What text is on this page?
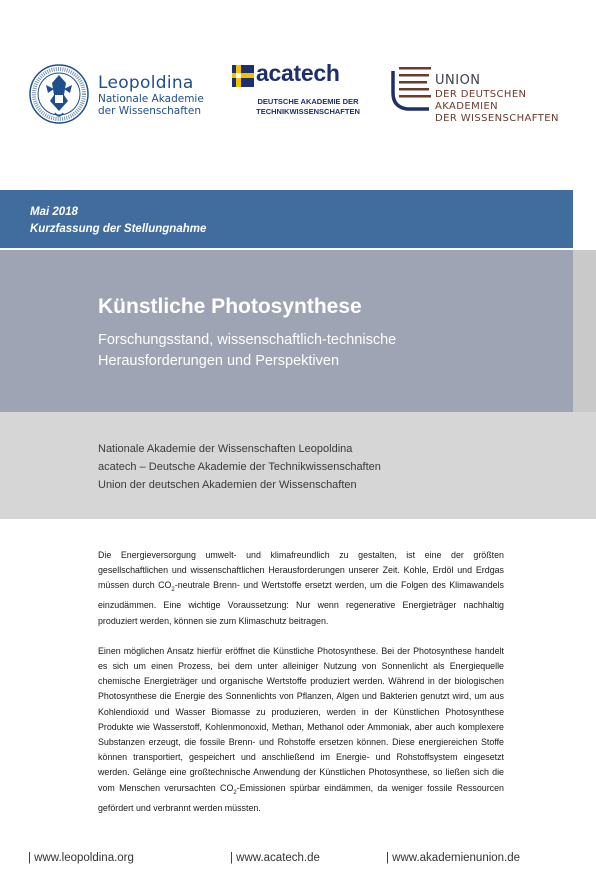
Leopoldina
Nationale Akademie
der Wissenschaften
acatech
DEUTSCHE AKADEMIE DER
TECHNIKWISSENSCHAFTEN
UNION
DER DEUTSCHEN AKADEMIEN
DER WISSENSCHAFTEN
Mai 2018
Kurzfassung der Stellungnahme
Künstliche Photosynthese
Forschungsstand, wissenschaftlich-technische
Herausforderungen und Perspektiven
Nationale Akademie der Wissenschaften Leopoldina
acatech – Deutsche Akademie der Technikwissenschaften
Union der deutschen Akademien der Wissenschaften

Die Energieversorgung umwelt- und klimafreundlich zu gestalten, ist eine der größten gesellschaftlichen und wissenschaftlichen Herausforderungen unserer Zeit. Kohle, Erdöl und Erdgas müssen durch $CO_2$-neutrale Brenn- und Wertstoffe ersetzt werden, um die Folgen des Klimawandels einzudämmen. Eine wichtige Voraussetzung: Nur wenn regenerative Energieträger nachhaltig produziert werden, können sie zum Klimaschutz beitragen.

Einen möglichen Ansatz hierfür eröffnet die Künstliche Photosynthese. Bei der Photosynthese handelt es sich um einen Prozess, bei dem unter alleiniger Nutzung von Sonnenlicht als Energiequelle chemische Energieträger und organische Wertstoffe produziert werden. Während in der biologischen Photosynthese die Energie des Sonnenlichts von Pflanzen, Algen und Bakterien genutzt wird, um aus Kohlendioxid und Wasser Biomasse zu produzieren, werden in der Künstlichen Photosynthese Produkte wie Wasserstoff, Kohlenmonoxid, Methan, Methanol oder Ammoniak, aber auch komplexere Substanzen erzeugt, die fossile Brenn- und Rohstoffe ersetzen können. Diese energiereichen Stoffe können transportiert, gespeichert und anschließend im Energie- und Rohstoffsystem eingesetzt werden. Gelänge eine großtechnische Anwendung der Künstlichen Photosynthese, so ließen sich die vom Menschen verursachten $CO_2$-Emissionen spürbar eindämmen, da weniger fossile Ressourcen gefördert und verbrannt werden müssten.

| www.leopoldina.org	| www.acatech.de	| www.akademienunion.de
